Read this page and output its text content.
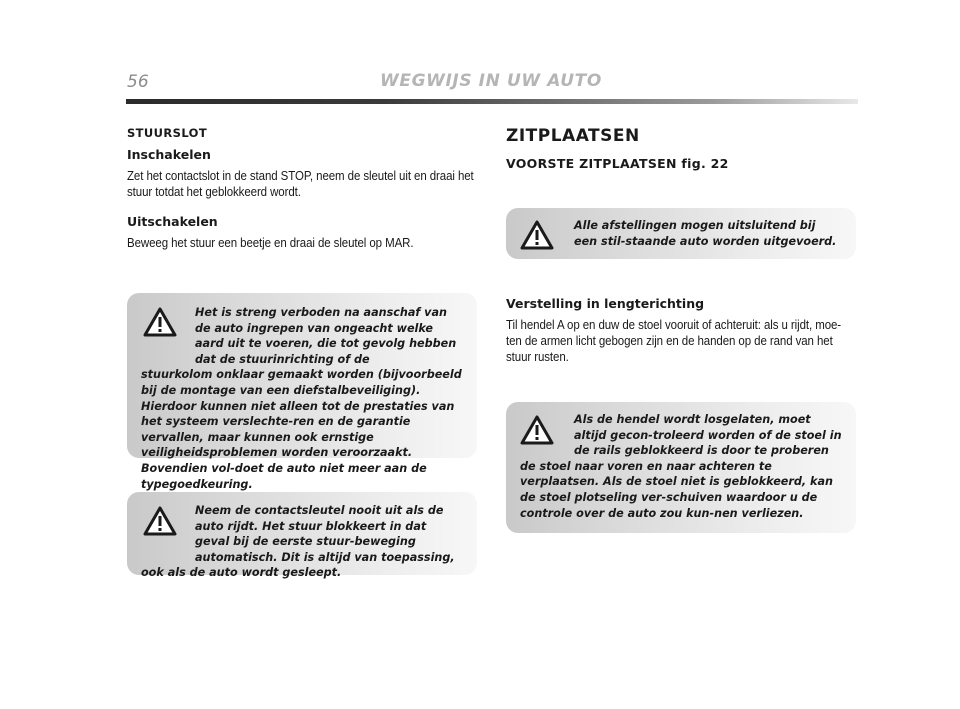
56	WEGWIJS IN UW AUTO
STUURSLOT
Inschakelen

Zet het contactslot in de stand STOP, neem de sleutel uit en draai het stuur totdat het geblokkeerd wordt.

Uitschakelen

Beweeg het stuur een beetje en draai de sleutel op MAR.

Het is streng verboden na aanschaf van de auto ingrepen van ongeacht welke aard uit te voeren, die tot gevolg hebben dat de stuurinrichting of de
stuurkolom onklaar gemaakt worden (bijvoorbeeld bij de montage van een diefstalbeveiliging). Hierdoor kunnen niet alleen tot de prestaties van het systeem verslechte-ren en de garantie vervallen, maar kunnen ook ernstige veiligheidsproblemen worden veroorzaakt. Bovendien vol-doet de auto niet meer aan de typegoedkeuring.

Neem de contactsleutel nooit uit als de auto rijdt. Het stuur blokkeert in dat geval bij de eerste stuur-beweging automatisch. Dit is altijd van toepassing,
ook als de auto wordt gesleept.

ZITPLAATSEN
VOORSTE ZITPLAATSEN fig. 22

Alle afstellingen mogen uitsluitend bij een stil-staande auto worden uitgevoerd.

Verstelling in lengterichting

Til hendel A op en duw de stoel vooruit of achteruit: als u rijdt, moe-ten de armen licht gebogen zijn en de handen op de rand van het stuur rusten.

Als de hendel wordt losgelaten, moet altijd gecon-troleerd worden of de stoel in de rails geblokkeerd is door te proberen
de stoel naar voren en naar achteren te verplaatsen. Als de stoel niet is geblokkeerd, kan de stoel plotseling ver-schuiven waardoor u de controle over de auto zou kun-nen verliezen.
